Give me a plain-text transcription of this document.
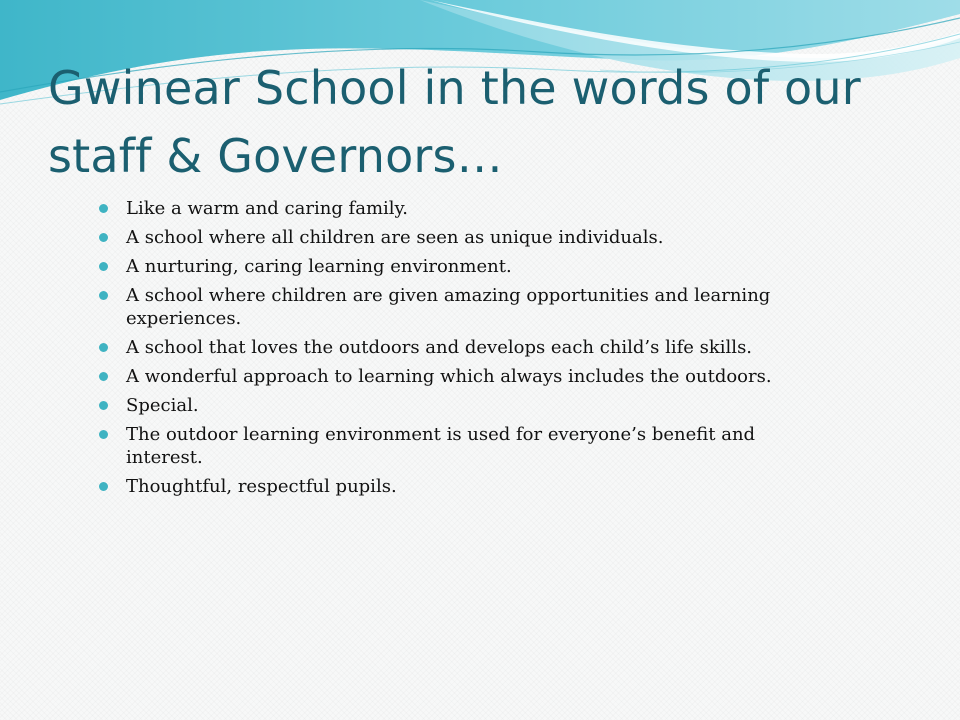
Gwinear School in the words of our staff & Governors…
Like a warm and caring family.
A school where all children are seen as unique individuals.
A nurturing, caring learning environment.
A school where children are given amazing opportunities and learning experiences.
A school that loves the outdoors and develops each child’s life skills.
A wonderful approach to learning which always includes the outdoors.
Special.
The outdoor learning environment is used for everyone’s benefit and interest.
Thoughtful, respectful pupils.
